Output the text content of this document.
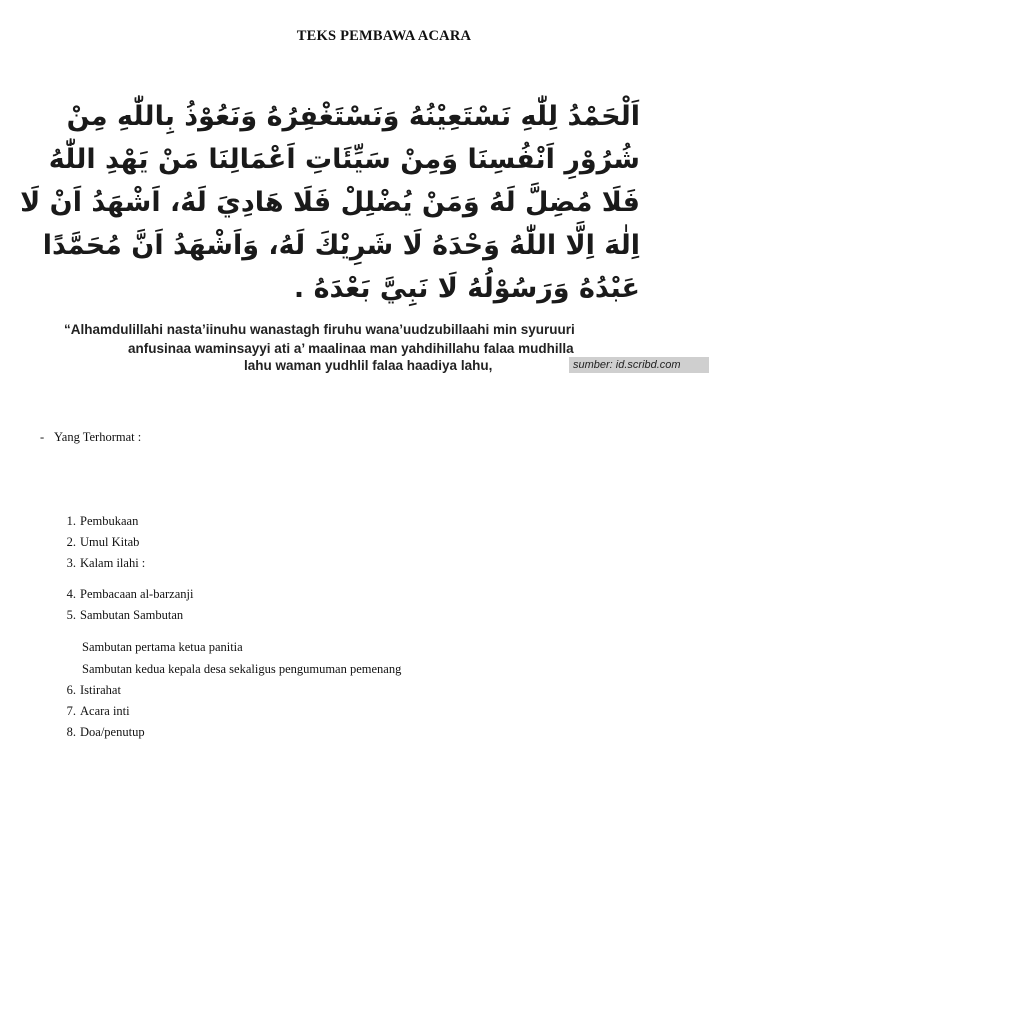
TEKS PEMBAWA ACARA
اَلْحَمْدُ لِلّٰهِ نَسْتَعِيْنُهُ وَنَسْتَغْفِرُهُ وَنَعُوْذُ بِاللّٰهِ مِنْ
شُرُوْرِ اَنْفُسِنَا وَمِنْ سَيِّئَاتِ اَعْمَالِنَا مَنْ يَهْدِ اللّٰهُ
فَلَا مُضِلَّ لَهُ وَمَنْ يُضْلِلْ فَلَا هَادِيَ لَهُ، اَشْهَدُ اَنْ لَا
اِلٰهَ اِلَّا اللّٰهُ وَحْدَهُ لَا شَرِيْكَ لَهُ، وَاَشْهَدُ اَنَّ مُحَمَّدًا
عَبْدُهُ وَرَسُوْلُهُ لَا نَبِيَّ بَعْدَهُ .
“Alhamdulillahi nasta’iinuhu wanastagh firuhu wana’uudzubillaahi min syuruuri
anfusinaa waminsayyi ati a’ maalinaa man yahdihillahu falaa mudhilla
lahu waman yudhlil falaa haadiya lahu,	sumber: id.scribd.com
- Yang Terhormat :
1. Pembukaan
2. Umul Kitab
3. Kalam ilahi :
4. Pembacaan al-barzanji
5. Sambutan Sambutan
Sambutan pertama ketua panitia
Sambutan kedua kepala desa sekaligus pengumuman pemenang
6. Istirahat
7. Acara inti
8. Doa/penutup
